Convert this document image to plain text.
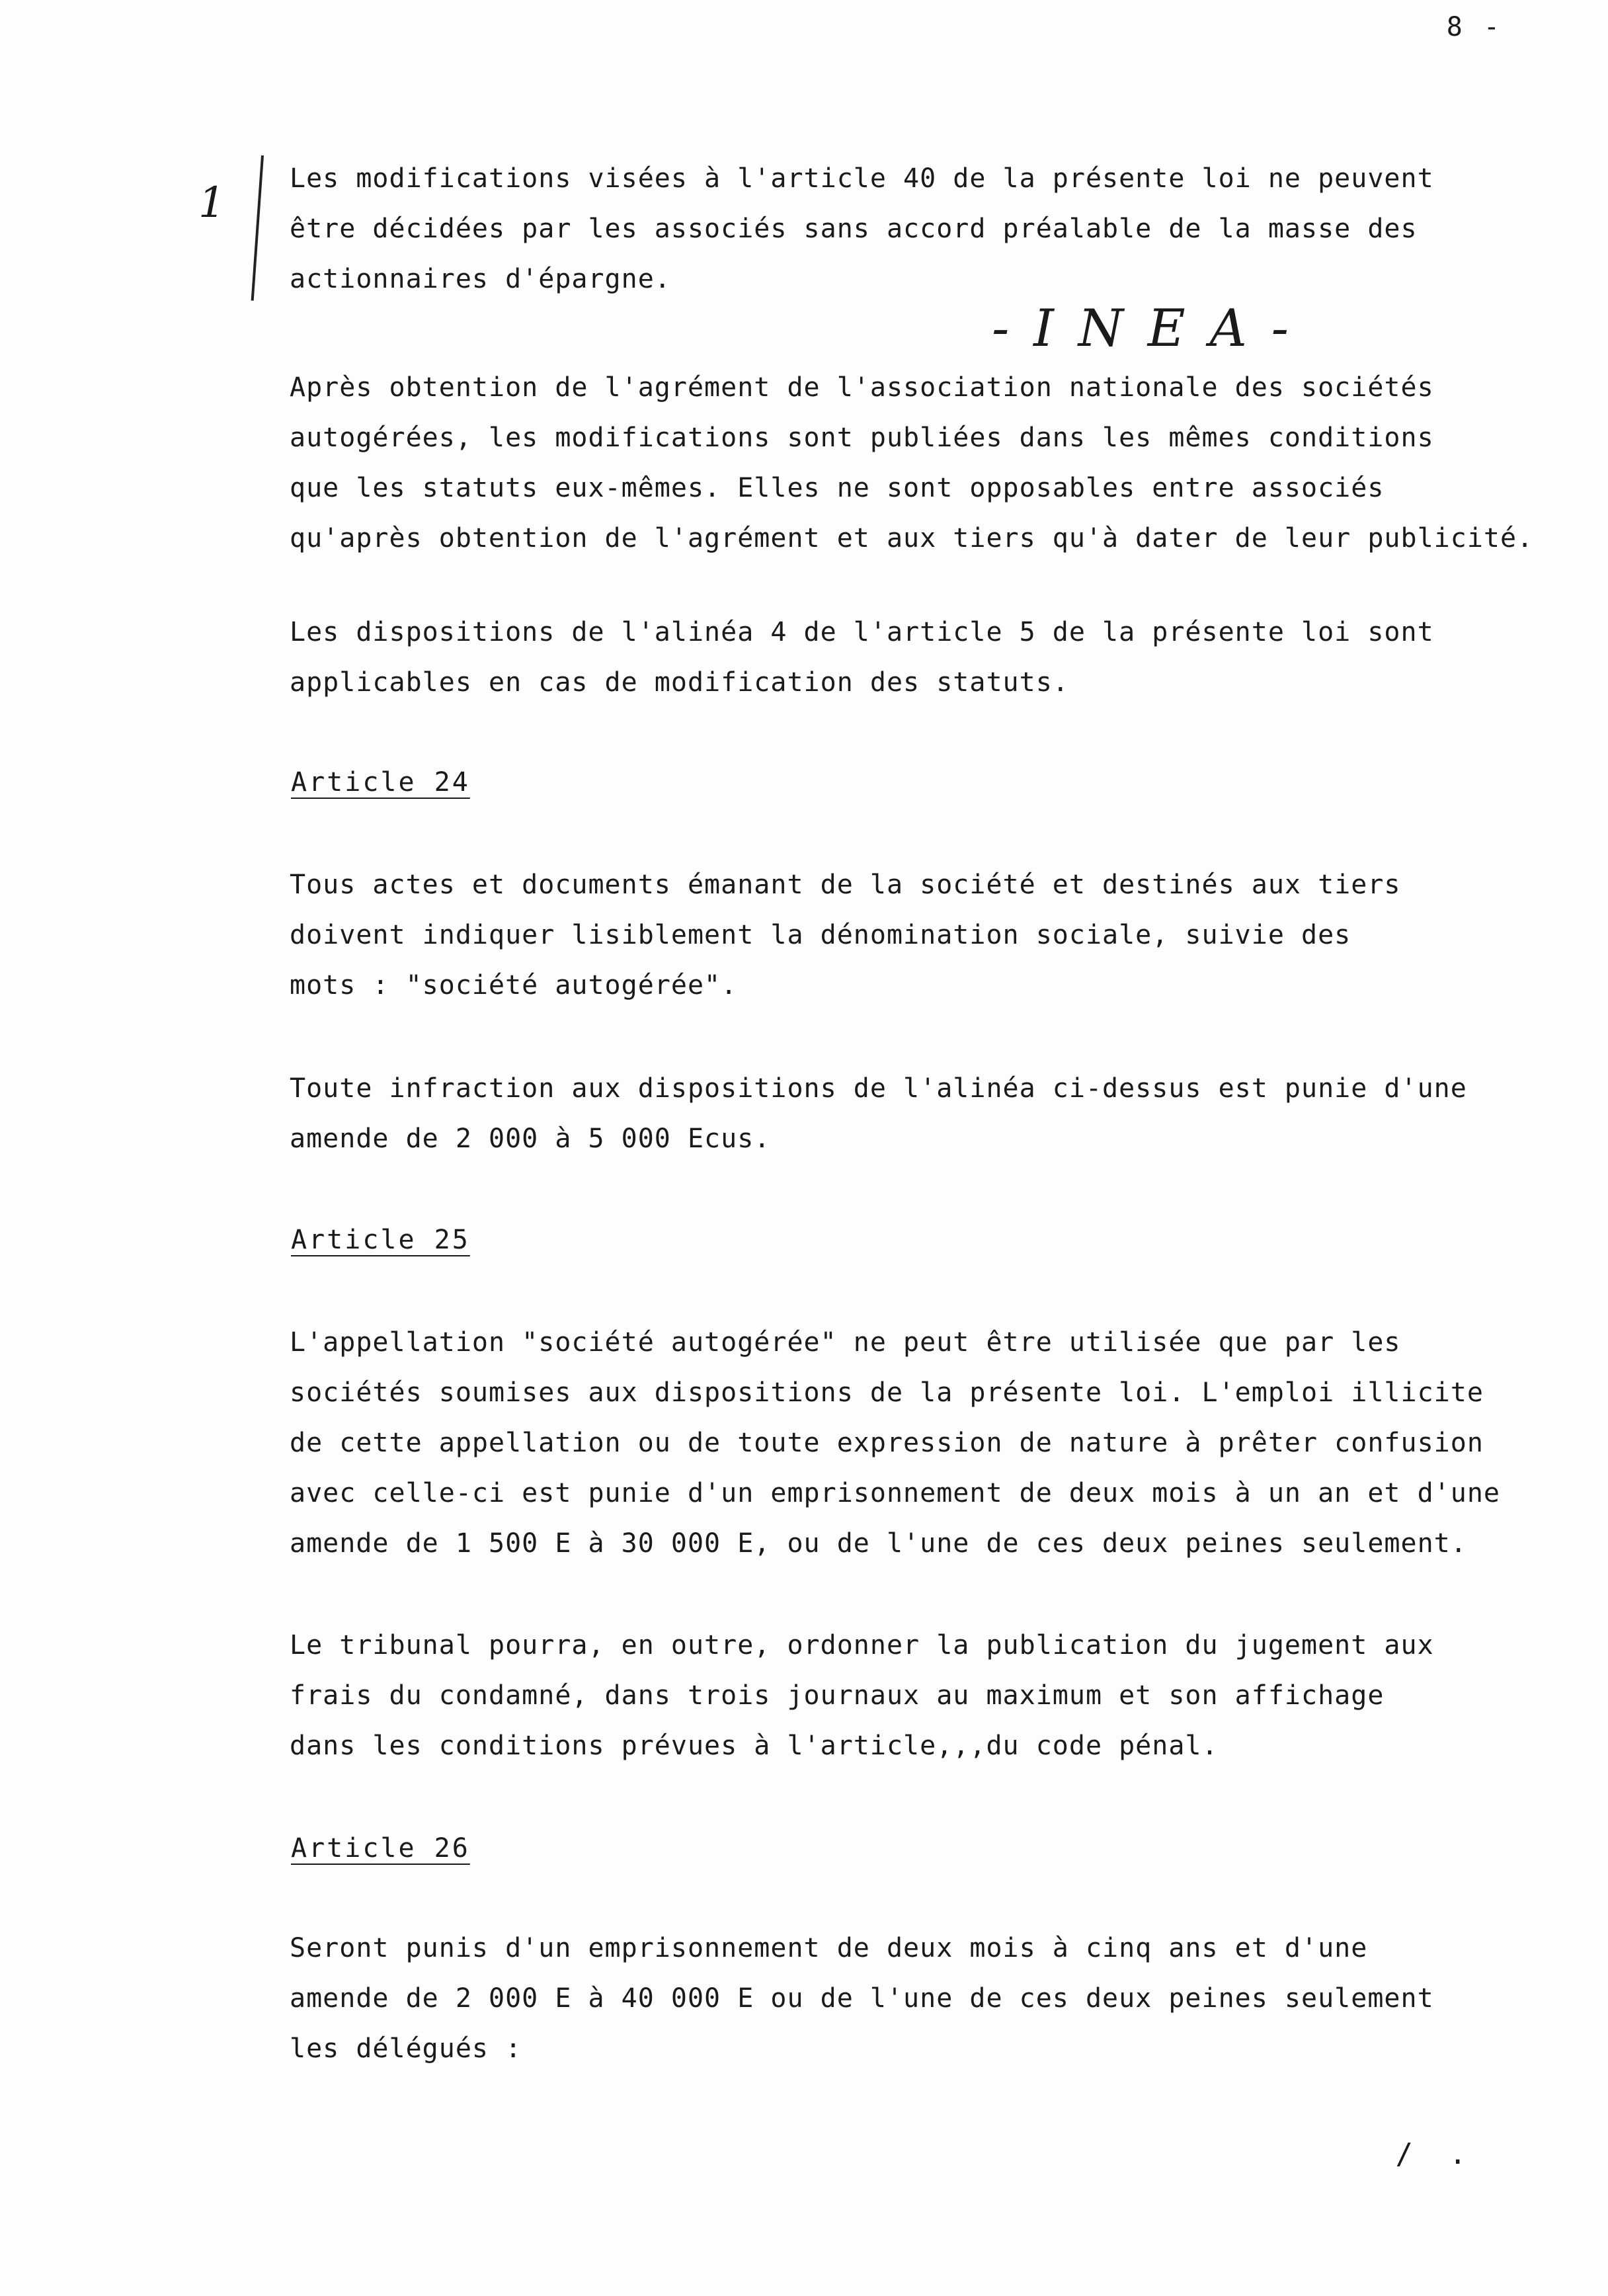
8 -
1 Les modifications visées à l'article 40 de la présente loi ne peuvent
être décidées par les associés sans accord préalable de la masse des
actionnaires d'épargne.
- I N E A -
Après obtention de l'agrément de l'association nationale des sociétés
autogérées, les modifications sont publiées dans les mêmes conditions
que les statuts eux-mêmes. Elles ne sont opposables entre associés
qu'après obtention de l'agrément et aux tiers qu'à dater de leur publicité.
Les dispositions de l'alinéa 4 de l'article 5 de la présente loi sont
applicables en cas de modification des statuts.
Article 24
Tous actes et documents émanant de la société et destinés aux tiers
doivent indiquer lisiblement la dénomination sociale, suivie des
mots : "société autogérée".
Toute infraction aux dispositions de l'alinéa ci-dessus est punie d'une
amende de 2 000 à 5 000 Ecus.
Article 25
L'appellation "société autogérée" ne peut être utilisée que par les
sociétés soumises aux dispositions de la présente loi. L'emploi illicite
de cette appellation ou de toute expression de nature à prêter confusion
avec celle-ci est punie d'un emprisonnement de deux mois à un an et d'une
amende de 1 500 E à 30 000 E, ou de l'une de ces deux peines seulement.
Le tribunal pourra, en outre, ordonner la publication du jugement aux
frais du condamné, dans trois journaux au maximum et son affichage
dans les conditions prévues à l'article,,,du code pénal.
Article 26
Seront punis d'un emprisonnement de deux mois à cinq ans et d'une
amende de 2 000 E à 40 000 E ou de l'une de ces deux peines seulement
les délégués :
/ .
